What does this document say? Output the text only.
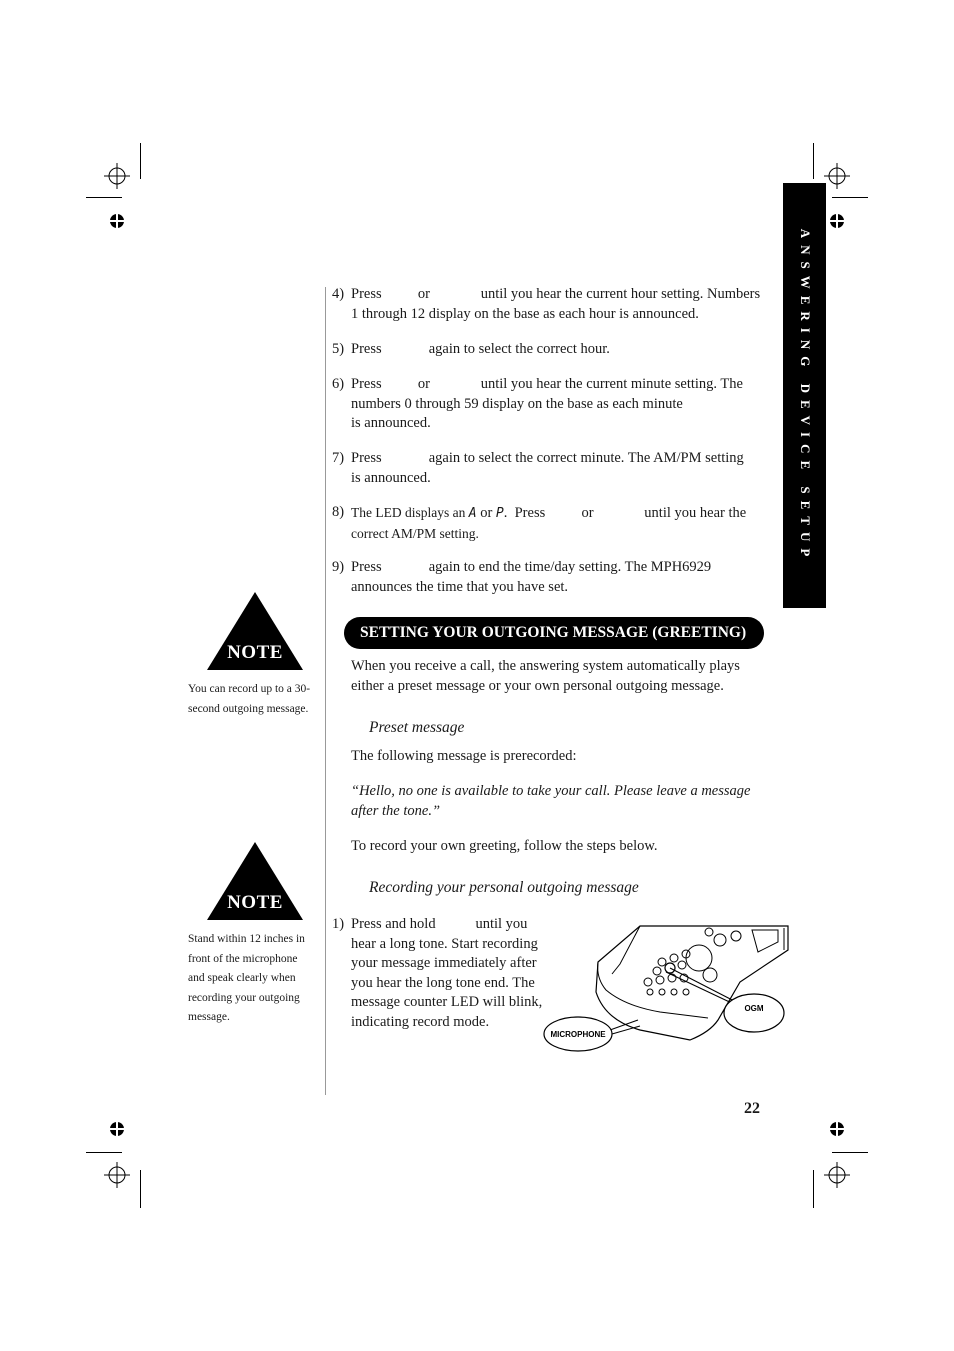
ANSWERING DEVICE SETUP
4) Press          or              until you hear the current hour setting. Numbers
1 through 12 display on the base as each hour is announced.
5) Press             again to select the correct hour.
6) Press          or              until you hear the current minute setting. The
numbers 0 through 59 display on the base as each minute
is announced.
7) Press             again to select the correct minute. The AM/PM setting
is announced.
8) The LED displays an A or P.  Press          or              until you hear the
correct AM/PM setting.
9) Press             again to end the time/day setting. The MPH6929
announces the time that you have set.
SETTING YOUR OUTGOING MESSAGE (GREETING)
When you receive a call, the answering system automatically plays
either a preset message or your own personal outgoing message.
Preset message
The following message is prerecorded:
“Hello, no one is available to take your call. Please leave a message
after the tone.”
To record your own greeting, follow the steps below.
Recording your personal outgoing message
1) Press and hold           until you
hear a long tone. Start recording
your message immediately after
you hear the long tone end. The
message counter LED will blink,
indicating record mode.
NOTE
You can record up to a 30-
second outgoing message.
NOTE
Stand within 12 inches in
front of the microphone
and speak clearly when
recording your outgoing
message.
OGM
MICROPHONE
22
